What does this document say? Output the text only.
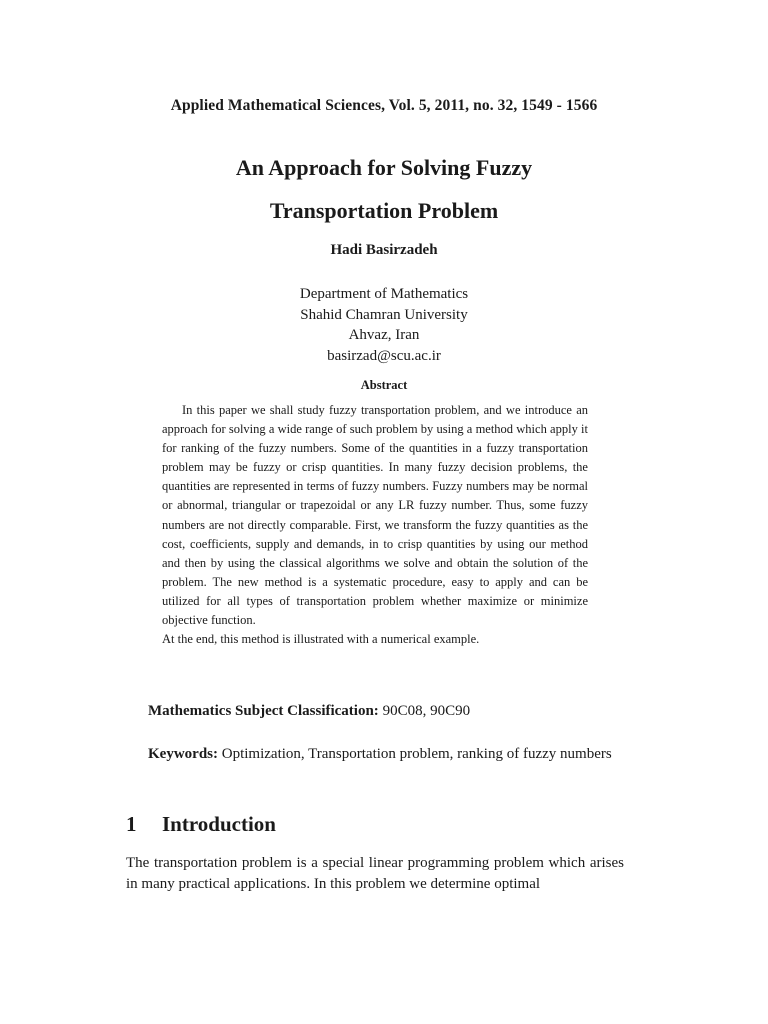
Applied Mathematical Sciences, Vol. 5, 2011, no. 32, 1549 - 1566
An Approach for Solving Fuzzy
Transportation Problem
Hadi Basirzadeh
Department of Mathematics
Shahid Chamran University
Ahvaz, Iran
basirzad@scu.ac.ir
Abstract

In this paper we shall study fuzzy transportation problem, and we introduce an approach for solving a wide range of such problem by using a method which apply it for ranking of the fuzzy numbers. Some of the quantities in a fuzzy transportation problem may be fuzzy or crisp quantities. In many fuzzy decision problems, the quantities are represented in terms of fuzzy numbers. Fuzzy numbers may be normal or abnormal, triangular or trapezoidal or any LR fuzzy number. Thus, some fuzzy numbers are not directly comparable. First, we transform the fuzzy quantities as the cost, coefficients, supply and demands, in to crisp quantities by using our method and then by using the classical algorithms we solve and obtain the solution of the problem. The new method is a systematic procedure, easy to apply and can be utilized for all types of transportation problem whether maximize or minimize objective function.

At the end, this method is illustrated with a numerical example.

Mathematics Subject Classification: 90C08, 90C90
Keywords: Optimization, Transportation problem, ranking of fuzzy numbers
1 Introduction
The transportation problem is a special linear programming problem which arises in many practical applications. In this problem we determine optimal
